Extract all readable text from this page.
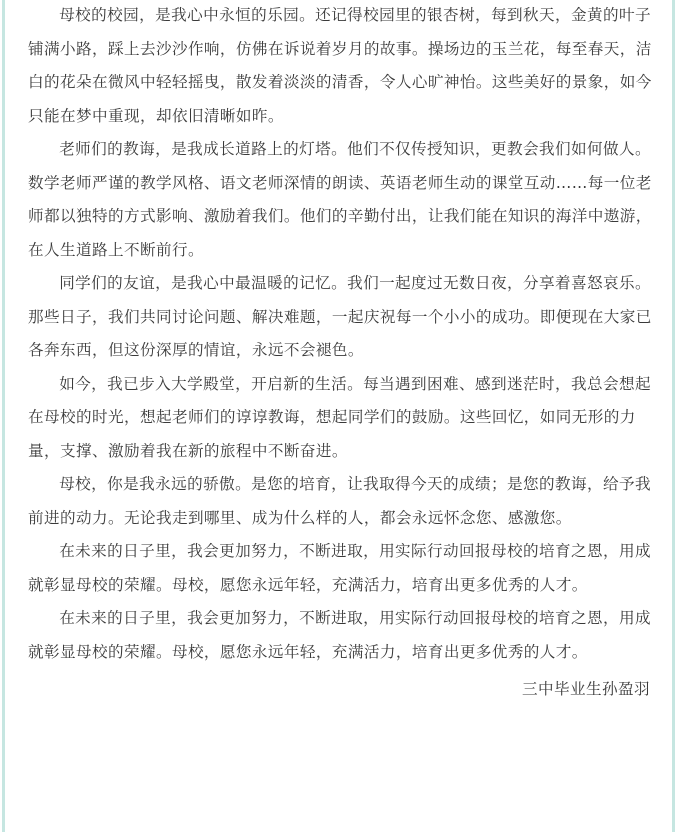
母校的校园，是我心中永恒的乐园。还记得校园里的银杏树，每到秋天，金黄的叶子铺满小路，踩上去沙沙作响，仿佛在诉说着岁月的故事。操场边的玉兰花，每至春天，洁白的花朵在微风中轻轻摇曳，散发着淡淡的清香，令人心旷神怡。这些美好的景象，如今只能在梦中重现，却依旧清晰如昨。

老师们的教诲，是我成长道路上的灯塔。他们不仅传授知识，更教会我们如何做人。数学老师严谨的教学风格、语文老师深情的朗读、英语老师生动的课堂互动……每一位老师都以独特的方式影响、激励着我们。他们的辛勤付出，让我们能在知识的海洋中遨游，在人生道路上不断前行。

同学们的友谊，是我心中最温暖的记忆。我们一起度过无数日夜，分享着喜怒哀乐。那些日子，我们共同讨论问题、解决难题，一起庆祝每一个小小的成功。即便现在大家已各奔东西，但这份深厚的情谊，永远不会褪色。

如今，我已步入大学殿堂，开启新的生活。每当遇到困难、感到迷茫时，我总会想起在母校的时光，想起老师们的谆谆教诲，想起同学们的鼓励。这些回忆，如同无形的力量，支撑、激励着我在新的旅程中不断奋进。

母校，你是我永远的骄傲。是您的培育，让我取得今天的成绩；是您的教诲，给予我前进的动力。无论我走到哪里、成为什么样的人，都会永远怀念您、感激您。

在未来的日子里，我会更加努力，不断进取，用实际行动回报母校的培育之恩，用成就彰显母校的荣耀。母校，愿您永远年轻，充满活力，培育出更多优秀的人才。

在未来的日子里，我会更加努力，不断进取，用实际行动回报母校的培育之恩，用成就彰显母校的荣耀。母校，愿您永远年轻，充满活力，培育出更多优秀的人才。

三中毕业生孙盈羽
